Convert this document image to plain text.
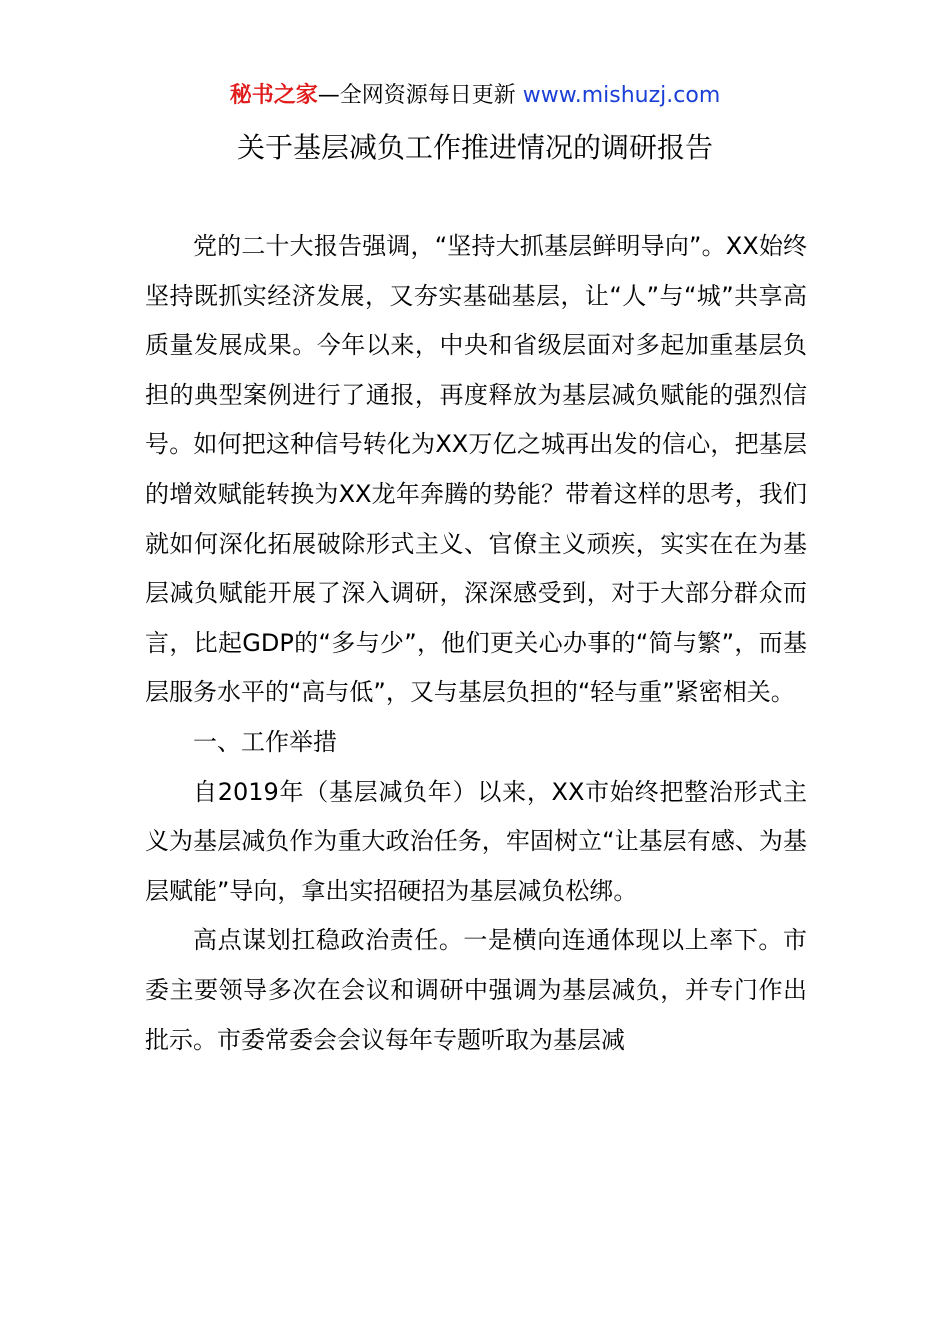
秘书之家—全网资源每日更新 www.mishuzj.com
关于基层减负工作推进情况的调研报告

党的二十大报告强调，“坚持大抓基层鲜明导向”。XX始终坚持既抓实经济发展，又夯实基础基层，让“人”与“城”共享高质量发展成果。今年以来，中央和省级层面对多起加重基层负担的典型案例进行了通报，再度释放为基层减负赋能的强烈信号。如何把这种信号转化为XX万亿之城再出发的信心，把基层的增效赋能转换为XX龙年奔腾的势能？带着这样的思考，我们就如何深化拓展破除形式主义、官僚主义顽疾，实实在在为基层减负赋能开展了深入调研，深深感受到，对于大部分群众而言，比起GDP的“多与少”，他们更关心办事的“简与繁”，而基层服务水平的“高与低”，又与基层负担的“轻与重”紧密相关。

一、工作举措

自2019年（基层减负年）以来，XX市始终把整治形式主义为基层减负作为重大政治任务，牢固树立“让基层有感、为基层赋能”导向，拿出实招硬招为基层减负松绑。

高点谋划扛稳政治责任。一是横向连通体现以上率下。市委主要领导多次在会议和调研中强调为基层减负，并专门作出批示。市委常委会会议每年专题听取为基层减
